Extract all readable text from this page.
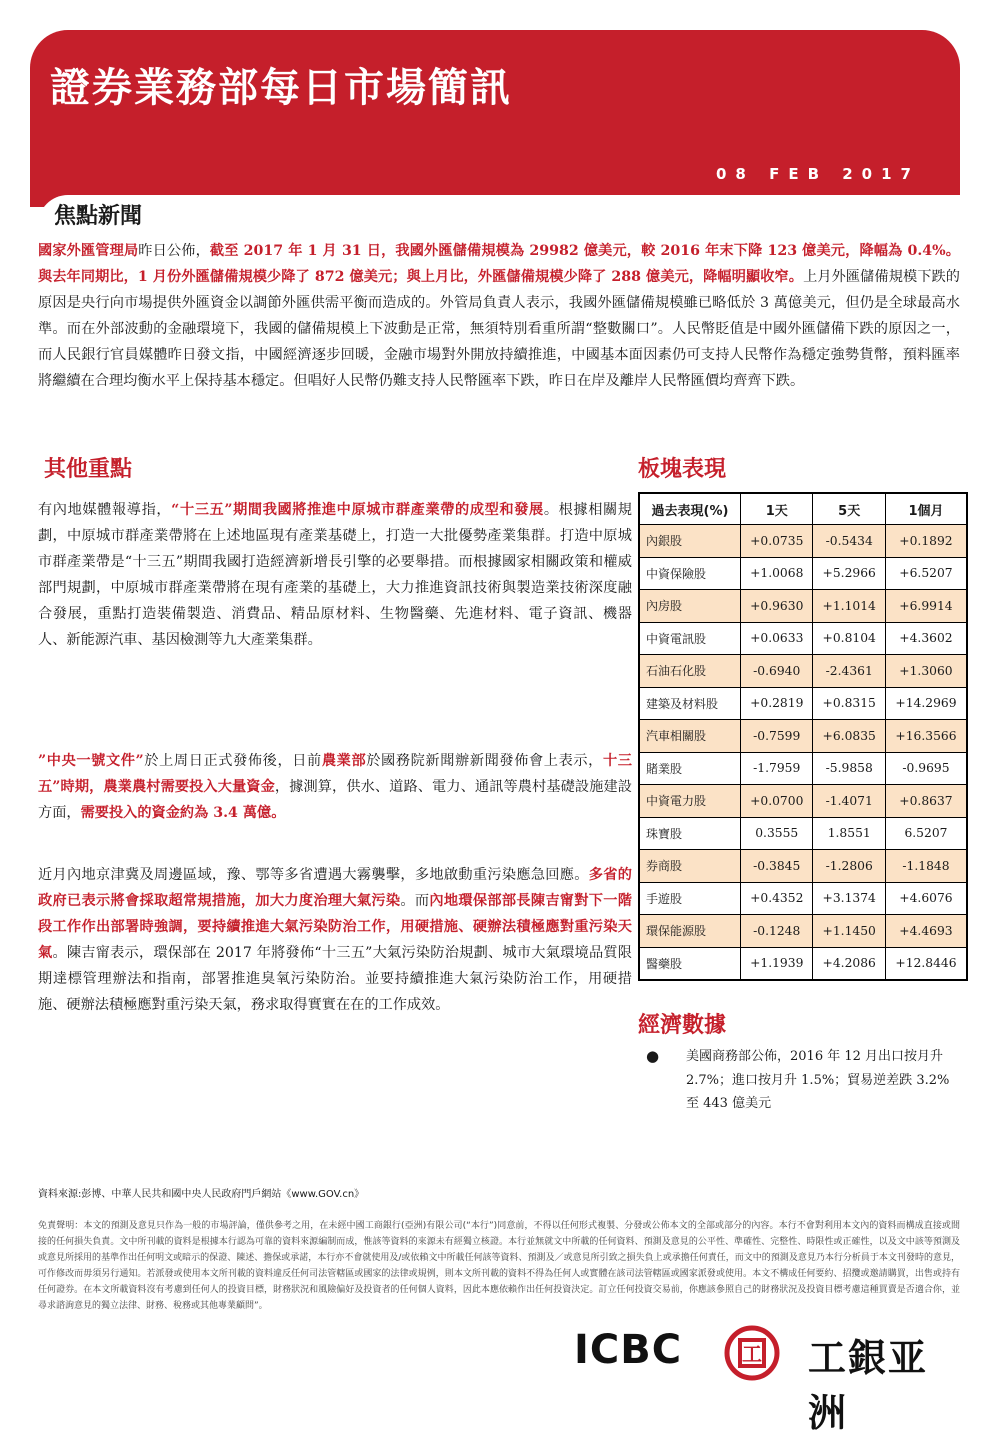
證券業務部每日市場簡訊
08 FEB 2017
焦點新聞

國家外匯管理局昨日公佈，截至 2017 年 1 月 31 日，我國外匯儲備規模為 29982 億美元，較 2016 年末下降 123 億美元，降幅為 0.4%。與去年同期比，1 月份外匯儲備規模少降了 872 億美元；與上月比，外匯儲備規模少降了 288 億美元，降幅明顯收窄。上月外匯儲備規模下跌的原因是央行向市場提供外匯資金以調節外匯供需平衡而造成的。外管局負責人表示，我國外匯儲備規模雖已略低於 3 萬億美元，但仍是全球最高水準。而在外部波動的金融環境下，我國的儲備規模上下波動是正常，無須特別看重所謂“整數關口”。人民幣貶值是中國外匯儲備下跌的原因之一，而人民銀行官員媒體昨日發文指，中國經濟逐步回暖，金融市場對外開放持續推進，中國基本面因素仍可支持人民幣作為穩定強勢貨幣，預料匯率將繼續在合理均衡水平上保持基本穩定。但唱好人民幣仍難支持人民幣匯率下跌，昨日在岸及離岸人民幣匯價均齊齊下跌。

其他重點	板塊表現

有內地媒體報導指，“十三五”期間我國將推進中原城市群產業帶的成型和發展。根據相關規劃，中原城市群產業帶將在上述地區現有產業基礎上，打造一大批優勢產業集群。打造中原城市群產業帶是“十三五”期間我國打造經濟新增長引擎的必要舉措。而根據國家相關政策和權威部門規劃，中原城市群產業帶將在現有產業的基礎上，大力推進資訊技術與製造業技術深度融合發展，重點打造裝備製造、消費品、精品原材料、生物醫藥、先進材料、電子資訊、機器人、新能源汽車、基因檢測等九大產業集群。

”中央一號文件”於上周日正式發佈後，日前農業部於國務院新聞辦新聞發佈會上表示，十三五”時期，農業農村需要投入大量資金，據測算，供水、道路、電力、通訊等農村基礎設施建設方面，需要投入的資金約為 3.4 萬億。

近月內地京津冀及周邊區域，豫、鄂等多省遭遇大霧襲擊，多地啟動重污染應急回應。多省的政府已表示將會採取超常規措施，加大力度治理大氣污染。而內地環保部部長陳吉甯對下一階段工作作出部署時強調，要持續推進大氣污染防治工作，用硬措施、硬辦法積極應對重污染天氣。陳吉甯表示，環保部在 2017 年將發佈“十三五”大氣污染防治規劃、城市大氣環境品質限期達標管理辦法和指南，部署推進臭氧污染防治。並要持續推進大氣污染防治工作，用硬措施、硬辦法積極應對重污染天氣，務求取得實實在在的工作成效。

過去表現(%)	1天	5天	1個月
內銀股	+0.0735	-0.5434	+0.1892
中資保險股	+1.0068	+5.2966	+6.5207
內房股	+0.9630	+1.1014	+6.9914
中資電訊股	+0.0633	+0.8104	+4.3602
石油石化股	-0.6940	-2.4361	+1.3060
建築及材料股	+0.2819	+0.8315	+14.2969
汽車相關股	-0.7599	+6.0835	+16.3566
賭業股	-1.7959	-5.9858	-0.9695
中資電力股	+0.0700	-1.4071	+0.8637
珠寶股	0.3555	1.8551	6.5207
券商股	-0.3845	-1.2806	-1.1848
手遊股	+0.4352	+3.1374	+4.6076
環保能源股	-0.1248	+1.1450	+4.4693
醫藥股	+1.1939	+4.2086	+12.8446
經濟數據
● 美國商務部公佈，2016 年 12 月出口按月升 2.7%；進口按月升 1.5%；貿易逆差跌 3.2%至 443 億美元
資料來源:彭博、中華人民共和國中央人民政府門戶網站《www.GOV.cn》
免責聲明：本文的預測及意見只作為一般的市場評論，僅供參考之用，在未經中國工商銀行(亞洲)有限公司(“本行”)同意前，不得以任何形式複製、分發或公佈本文的全部或部分的內容。本行不會對利用本文內的資料而構成直接或間接的任何損失負責。文中所刊載的資料是根據本行認為可靠的資料來源編制而成，惟該等資料的來源未有經獨立核證。本行並無就文中所載的任何資料、預測及意見的公平性、準確性、完整性、時限性或正確性，以及文中該等預測及或意見所採用的基準作出任何明文或暗示的保證、陳述、擔保或承諾，本行亦不會就使用及/或依賴文中所載任何該等資料、預測及／或意見所引致之損失負上或承擔任何責任，而文中的預測及意見乃本行分析員于本文刊發時的意見，可作修改而毋須另行通知。若派發或使用本文所刊載的資料違反任何司法管轄區或國家的法律或規例，則本文所刊載的資料不得為任何人或實體在該司法管轄區或國家派發或使用。本文不構成任何要約、招攬或邀請購買，出售或持有任何證券。在本文所載資料沒有考慮到任何人的投資目標，財務狀況和風險偏好及投資者的任何個人資料，因此本應依賴作出任何投資決定。訂立任何投資交易前，你應該參照自己的財務狀況及投資目標考慮這種買賣是否適合你，並尋求諮詢意見的獨立法律、財務、稅務或其他專業顧問”。
ICBC	工 工銀亚洲
